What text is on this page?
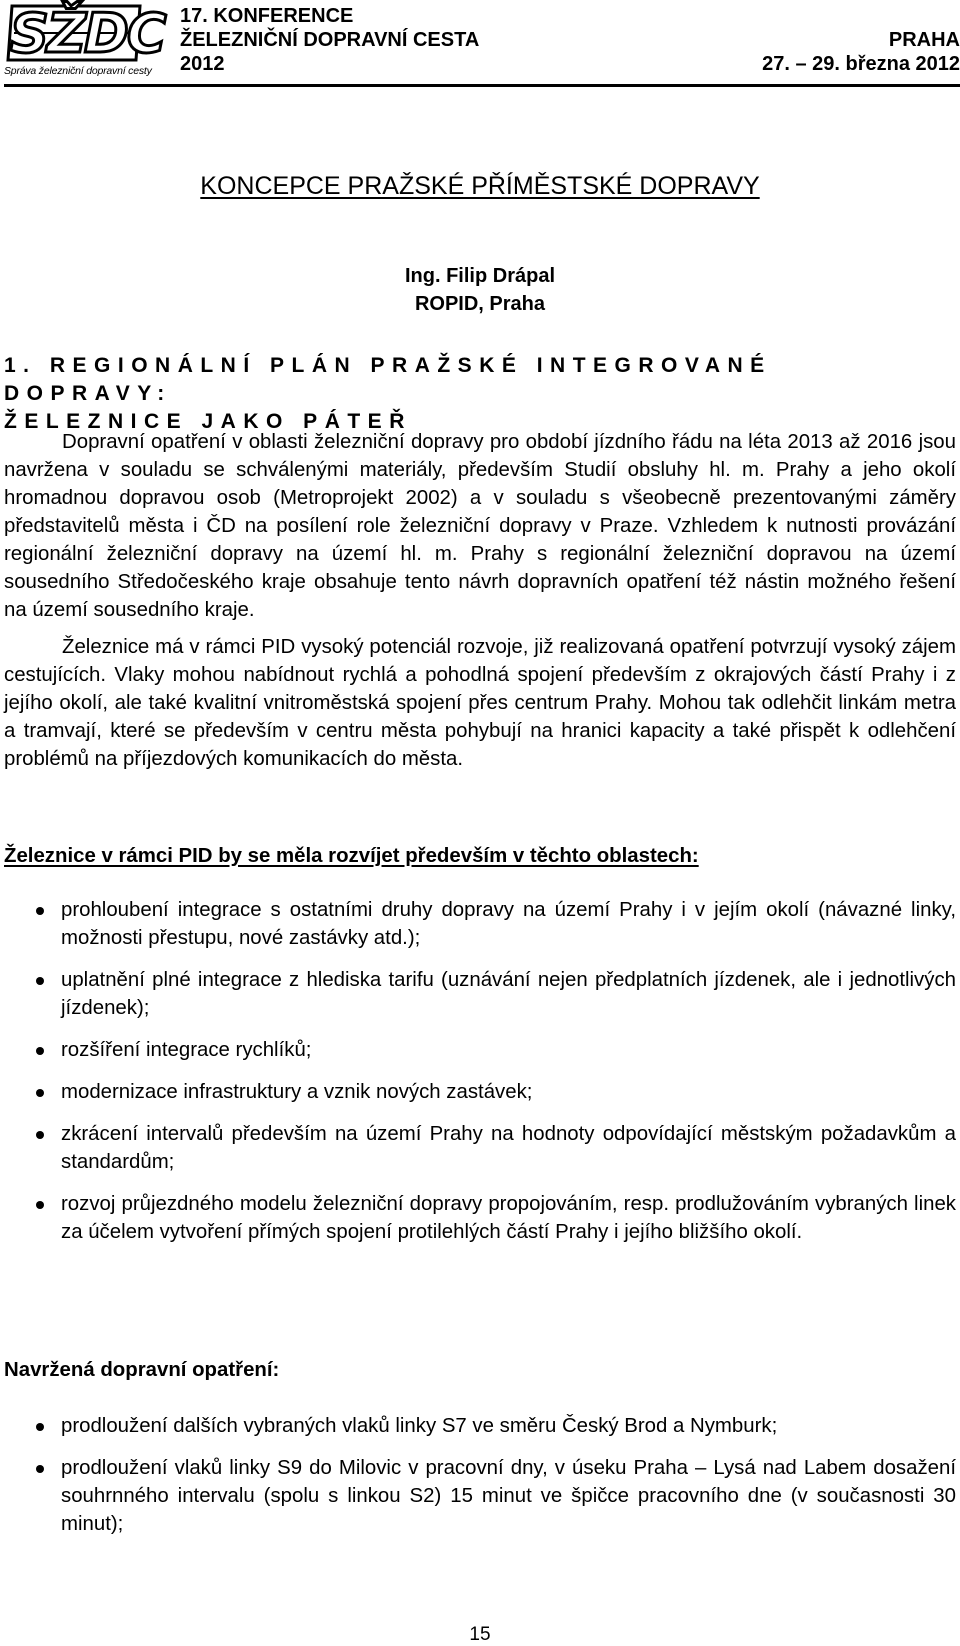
SŽDC
Správa železniční dopravní cesty
17. KONFERENCE
ŽELEZNIČNÍ DOPRAVNÍ CESTA
2012
PRAHA
27. – 29. března 2012
KONCEPCE PRAŽSKÉ PŘÍMĚSTSKÉ DOPRAVY
Ing. Filip Drápal
ROPID, Praha
1. REGIONÁLNÍ PLÁN PRAŽSKÉ INTEGROVANÉ DOPRAVY:
ŽELEZNICE JAKO PÁTEŘ

Dopravní opatření v oblasti železniční dopravy pro období jízdního řádu na léta 2013 až 2016 jsou navržena v souladu se schválenými materiály, především Studií obsluhy hl. m. Prahy a jeho okolí hromadnou dopravou osob (Metroprojekt 2002) a v souladu s všeobecně prezentovanými záměry představitelů města i ČD na posílení role železniční dopravy v Praze. Vzhledem k nutnosti provázání regionální železniční dopravy na území hl. m. Prahy s regionální železniční dopravou na území sousedního Středočeského kraje obsahuje tento návrh dopravních opatření též nástin možného řešení na území sousedního kraje.

Železnice má v rámci PID vysoký potenciál rozvoje, již realizovaná opatření potvrzují vysoký zájem cestujících. Vlaky mohou nabídnout rychlá a pohodlná spojení především z okrajových částí Prahy i z jejího okolí, ale také kvalitní vnitroměstská spojení přes centrum Prahy. Mohou tak odlehčit linkám metra a tramvají, které se především v centru města pohybují na hranici kapacity a také přispět k odlehčení problémů na příjezdových komunikacích do města.

Železnice v rámci PID by se měla rozvíjet především v těchto oblastech:
prohloubení integrace s ostatními druhy dopravy na území Prahy i v jejím okolí (návazné linky, možnosti přestupu, nové zastávky atd.);
uplatnění plné integrace z hlediska tarifu (uznávání nejen předplatních jízdenek, ale i jednotlivých jízdenek);
rozšíření integrace rychlíků;
modernizace infrastruktury a vznik nových zastávek;
zkrácení intervalů především na území Prahy na hodnoty odpovídající městským požadavkům a standardům;
rozvoj průjezdného modelu železniční dopravy propojováním, resp. prodlužováním vybraných linek za účelem vytvoření přímých spojení protilehlých částí Prahy i jejího bližšího okolí.
Navržená dopravní opatření:
prodloužení dalších vybraných vlaků linky S7 ve směru Český Brod a Nymburk;
prodloužení vlaků linky S9 do Milovic v pracovní dny, v úseku Praha – Lysá nad Labem dosažení souhrnného intervalu (spolu s linkou S2) 15 minut ve špičce pracovního dne (v současnosti 30 minut);
15
